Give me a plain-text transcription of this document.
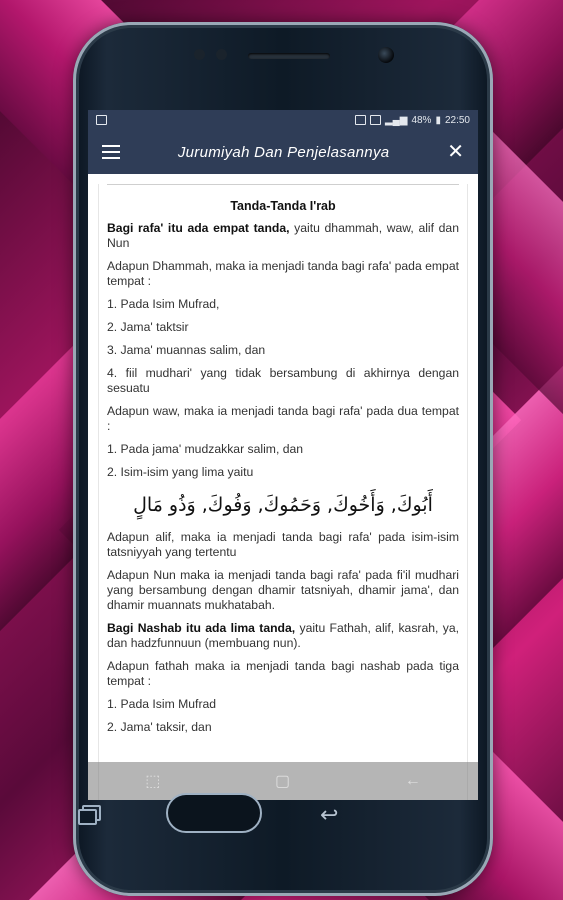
▂▄▆ 48% ▮ 22:50
Jurumiyah Dan Penjelasannya	✕
Tanda-Tanda I'rab

Bagi rafa' itu ada empat tanda, yaitu dhammah, waw, alif dan Nun

Adapun Dhammah, maka ia menjadi tanda bagi rafa' pada empat tempat :

1. Pada Isim Mufrad,

2. Jama' taktsir

3. Jama' muannas salim, dan

4. fiil mudhari' yang tidak bersambung di akhirnya dengan sesuatu

Adapun waw, maka ia menjadi tanda bagi rafa' pada dua tempat :

1. Pada jama' mudzakkar salim, dan

2. Isim-isim yang lima yaitu

أَبُوكَ, وَأَخُوكَ, وَحَمُوكَ, وَفُوكَ, وَذُو مَالٍ

Adapun alif, maka ia menjadi tanda bagi rafa' pada isim-isim tatsniyyah yang tertentu

Adapun Nun maka ia menjadi tanda bagi rafa' pada fi'il mudhari yang bersambung dengan dhamir tatsniyah, dhamir jama', dan dhamir muannats mukhatabah.

Bagi Nashab itu ada lima tanda, yaitu Fathah, alif, kasrah, ya, dan hadzfunnuun (membuang nun).

Adapun fathah maka ia menjadi tanda bagi nashab pada tiga tempat :

1. Pada Isim Mufrad

2. Jama' taksir, dan

⬚	▢	←
↩
